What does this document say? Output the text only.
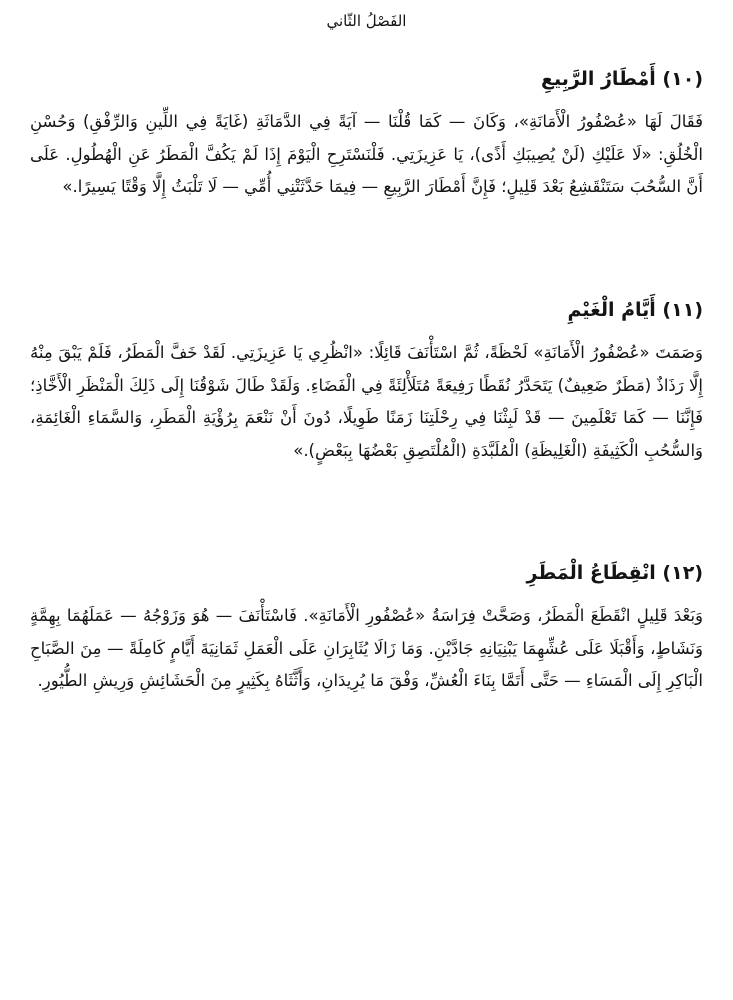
الفَصْلُ الثّاني
(١٠) أَمْطَارُ الرَّبِيعِ

فَقَالَ لَهَا «عُصْفُورُ الْأَمَانَةِ»، وَكَانَ — كَمَا قُلْنَا — آيَةً فِي الدَّمَاثَةِ (غَايَةً فِي اللِّينِ وَالرِّفْقِ) وَحُسْنِ الْخُلُقِ: «لَا عَلَيْكِ (لَنْ يُصِيبَكِ أَذًى)، يَا عَزِيزَتِي. فَلْنَسْتَرِحِ الْيَوْمَ إِذَا لَمْ يَكُفَّ الْمَطَرُ عَنِ الْهُطُولِ. عَلَى أَنَّ السُّحُبَ سَتَنْقَشِعُ بَعْدَ قَلِيلٍ؛ فَإِنَّ أَمْطَارَ الرَّبِيعِ — فِيمَا حَدَّثَتْنِي أُمِّي — لَا تَلْبَثُ إِلَّا وَقْتًا يَسِيرًا.»

(١١) أَيَّامُ الْغَيْمِ

وَصَمَتَ «عُصْفُورُ الْأَمَانَةِ» لَحْظَةً، ثُمَّ اسْتَأْنَفَ قَائِلًا: «انْظُرِي يَا عَزِيزَتِي. لَقَدْ خَفَّ الْمَطَرُ، فَلَمْ يَبْقَ مِنْهُ إِلَّا رَذَاذٌ (مَطَرٌ ضَعِيفٌ) يَتَحَدَّرُ نُقَطًا رَفِيعَةً مُتَلَأْلِئَةً فِي الْفَضَاءِ. وَلَقَدْ طَالَ شَوْقُنَا إِلَى ذَلِكَ الْمَنْظَرِ الْأَخَّاذِ؛ فَإِنَّنَا — كَمَا تَعْلَمِينَ — قَدْ لَبِثْنَا فِي رِحْلَتِنَا زَمَنًا طَوِيلًا، دُونَ أَنْ نَنْعَمَ بِرُؤْيَةِ الْمَطَرِ، وَالسَّمَاءِ الْغَائِمَةِ، وَالسُّحُبِ الْكَثِيفَةِ (الْغَلِيظَةِ) الْمُلَبَّدَةِ (الْمُلْتَصِقِ بَعْضُهَا بِبَعْضٍ).»

(١٢) انْقِطَاعُ الْمَطَرِ

وَبَعْدَ قَلِيلٍ انْقَطَعَ الْمَطَرُ، وَصَحَّتْ فِرَاسَةُ «عُصْفُورِ الْأَمَانَةِ». فَاسْتَأْنَفَ — هُوَ وَزَوْجُهُ — عَمَلَهُمَا بِهِمَّةٍ وَنَشَاطٍ، وَأَقْبَلَا عَلَى عُشِّهِمَا يَبْنِيَانِهِ جَادَّيْنِ. وَمَا زَالَا يُثَابِرَانِ عَلَى الْعَمَلِ ثَمَانِيَةَ أَيَّامٍ كَامِلَةً — مِنَ الصَّبَاحِ الْبَاكِرِ إِلَى الْمَسَاءِ — حَتَّى أَتَمَّا بِنَاءَ الْعُشِّ، وَفْقَ مَا يُرِيدَانِ، وَأَثَّثَاهُ بِكَثِيرٍ مِنَ الْحَشَائِشِ وَرِيشِ الطُّيُورِ.
